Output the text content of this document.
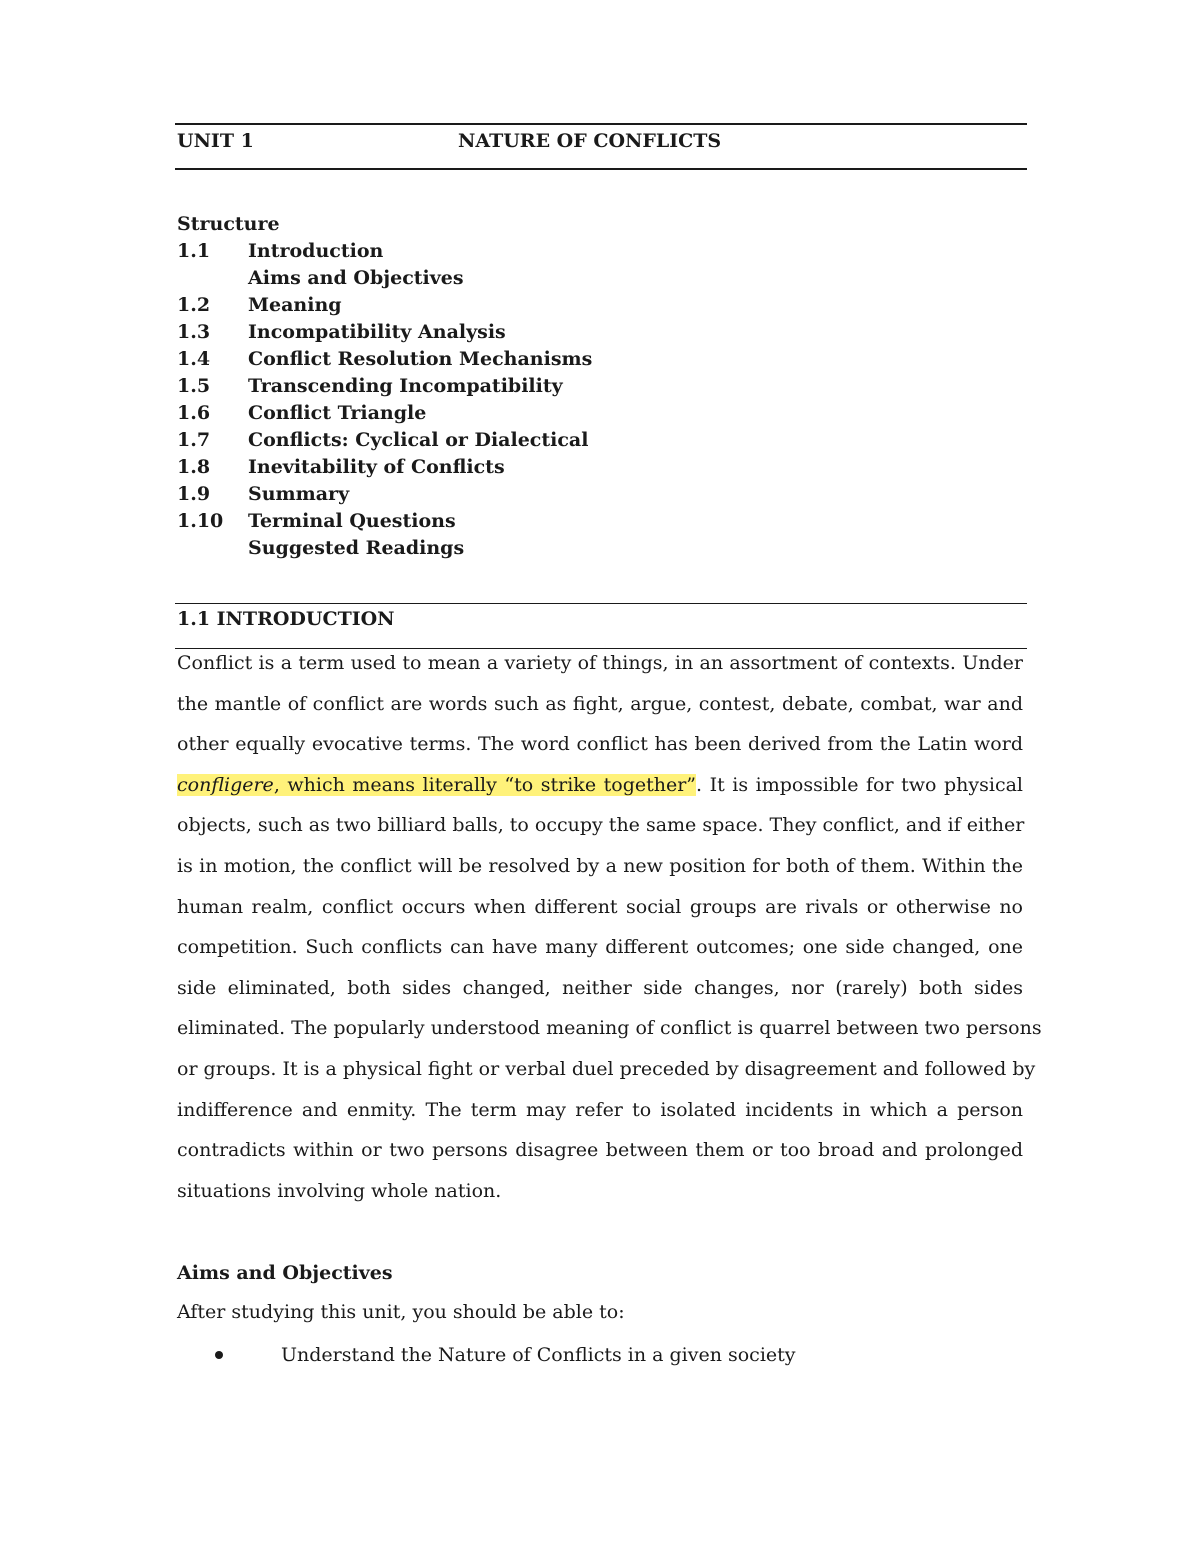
UNIT 1	NATURE OF CONFLICTS
Structure
1.1	Introduction
Aims and Objectives
1.2	Meaning
1.3	Incompatibility Analysis
1.4	Conflict Resolution Mechanisms
1.5	Transcending Incompatibility
1.6	Conflict Triangle
1.7	Conflicts: Cyclical or Dialectical
1.8	Inevitability of Conflicts
1.9	Summary
1.10	Terminal Questions
Suggested Readings
1.1 INTRODUCTION
Conflict is a term used to mean a variety of things, in an assortment of contexts. Under
the mantle of conflict are words such as fight, argue, contest, debate, combat, war and
other equally evocative terms. The word conflict has been derived from the Latin word
confligere, which means literally “to strike together”. It is impossible for two physical
objects, such as two billiard balls, to occupy the same space. They conflict, and if either
is in motion, the conflict will be resolved by a new position for both of them. Within the
human realm, conflict occurs when different social groups are rivals or otherwise no
competition. Such conflicts can have many different outcomes; one side changed, one
side eliminated, both sides changed, neither side changes, nor (rarely) both sides
eliminated. The popularly understood meaning of conflict is quarrel between two persons
or groups. It is a physical fight or verbal duel preceded by disagreement and followed by
indifference and enmity. The term may refer to isolated incidents in which a person
contradicts within or two persons disagree between them or too broad and prolonged
situations involving whole nation.
Aims and Objectives
After studying this unit, you should be able to:
Understand the Nature of Conflicts in a given society
